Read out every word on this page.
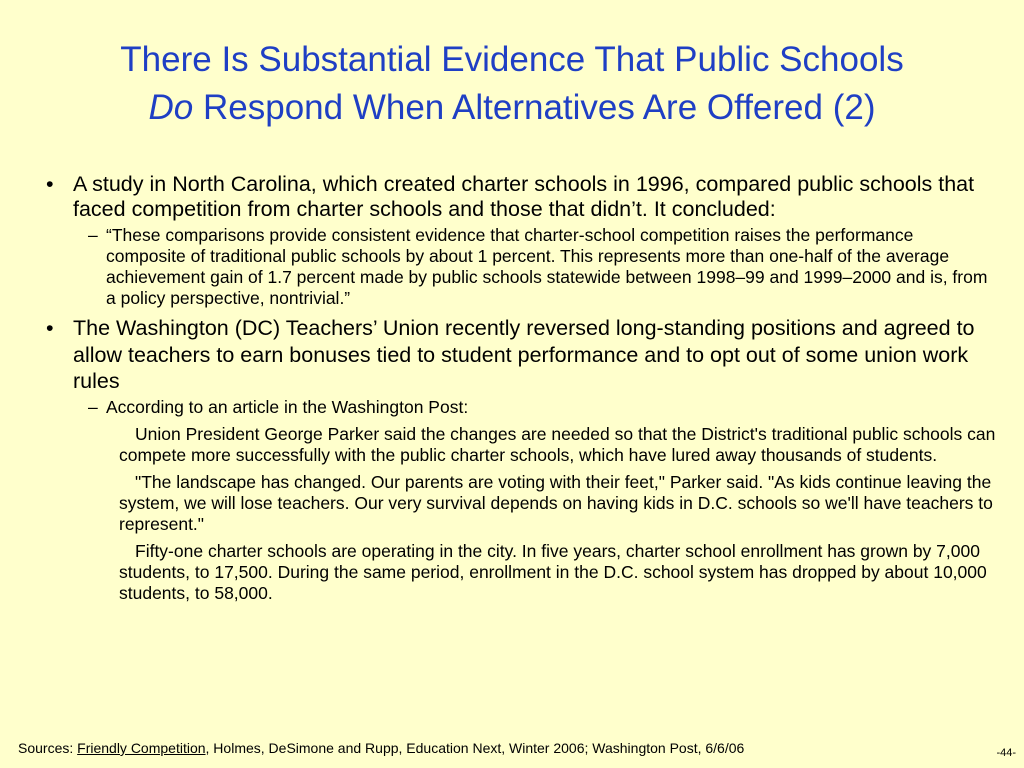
There Is Substantial Evidence That Public Schools
Do Respond When Alternatives Are Offered (2)
• A study in North Carolina, which created charter schools in 1996, compared public schools that faced competition from charter schools and those that didn’t. It concluded:
– “These comparisons provide consistent evidence that charter-school competition raises the performance composite of traditional public schools by about 1 percent. This represents more than one-half of the average achievement gain of 1.7 percent made by public schools statewide between 1998–99 and 1999–2000 and is, from a policy perspective, nontrivial.”
• The Washington (DC) Teachers’ Union recently reversed long-standing positions and agreed to allow teachers to earn bonuses tied to student performance and to opt out of some union work rules
– According to an article in the Washington Post:
Union President George Parker said the changes are needed so that the District's traditional public schools can compete more successfully with the public charter schools, which have lured away thousands of students.
"The landscape has changed. Our parents are voting with their feet," Parker said. "As kids continue leaving the system, we will lose teachers. Our very survival depends on having kids in D.C. schools so we'll have teachers to represent."
Fifty-one charter schools are operating in the city. In five years, charter school enrollment has grown by 7,000 students, to 17,500. During the same period, enrollment in the D.C. school system has dropped by about 10,000 students, to 58,000.
Sources: Friendly Competition, Holmes, DeSimone and Rupp, Education Next, Winter 2006; Washington Post, 6/6/06	-44-
